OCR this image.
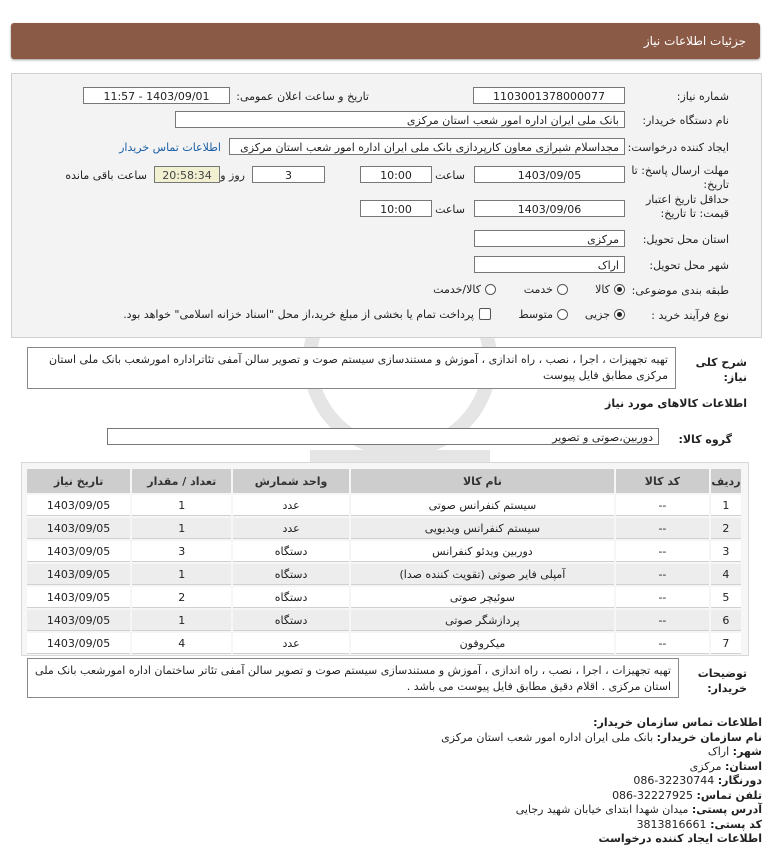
جزئیات اطلاعات نیاز
شماره نیاز:
1103001378000077
تاریخ و ساعت اعلان عمومی:
1403/09/01 - 11:57
نام دستگاه خریدار:
بانک ملی ایران اداره امور شعب استان مرکزی
ایجاد کننده درخواست:
مجداسلام شیرازی معاون کارپردازی بانک ملی ایران اداره امور شعب استان مرکزی
اطلاعات تماس خریدار
مهلت ارسال پاسخ: تا
تاریخ:
1403/09/05
ساعت
10:00
3
روز و
20:58:34
ساعت باقی مانده
حداقل تاریخ اعتبار
قیمت: تا تاریخ:
1403/09/06
ساعت
10:00
استان محل تحویل:
مرکزی
شهر محل تحویل:
اراک
طبقه بندی موضوعی:
کالا
خدمت
کالا/خدمت
نوع فرآیند خرید :
جزیی
متوسط
پرداخت تمام یا بخشی از مبلغ خرید،از محل "اسناد خزانه اسلامی" خواهد بود.
شرح کلی
نیاز:
تهیه تجهیزات ، اجرا ، نصب ، راه اندازی ، آموزش و مستندسازی سیستم صوت و تصویر سالن آمفی تئاتراداره امورشعب بانک ملی استان مرکزی مطابق فایل پیوست
اطلاعات کالاهای مورد نیاز
گروه کالا:
دوربین،صوتی و تصویر
ردیف	کد کالا	نام کالا	واحد شمارش	تعداد / مقدار	تاریخ نیاز
1	--	سیستم کنفرانس صوتی	عدد	1	1403/09/05
2	--	سیستم کنفرانس ویدیویی	عدد	1	1403/09/05
3	--	دوربین ویدئو کنفرانس	دستگاه	3	1403/09/05
4	--	آمپلی فایر صوتی (تقویت کننده صدا)	دستگاه	1	1403/09/05
5	--	سوئیچر صوتی	دستگاه	2	1403/09/05
6	--	پردازشگر صوتی	دستگاه	1	1403/09/05
7	--	میکروفون	عدد	4	1403/09/05
توضیحات
خریدار:
تهیه تجهیزات ، اجرا ، نصب ، راه اندازی ، آموزش و مستندسازی سیستم صوت و تصویر سالن آمفی تئاتر ساختمان اداره امورشعب بانک ملی استان مرکزی . اقلام دقیق مطابق فایل پیوست می باشد .
اطلاعات تماس سازمان خریدار:
نام سازمان خریدار: بانک ملی ایران اداره امور شعب استان مرکزی
شهر: اراک
استان: مرکزی
دورنگار: 086-32230744
تلفن تماس: 086-32227925
آدرس پستی: میدان شهدا ابتدای خیابان شهید رجایی
کد پستی: 3813816661
اطلاعات ایجاد کننده درخواست
